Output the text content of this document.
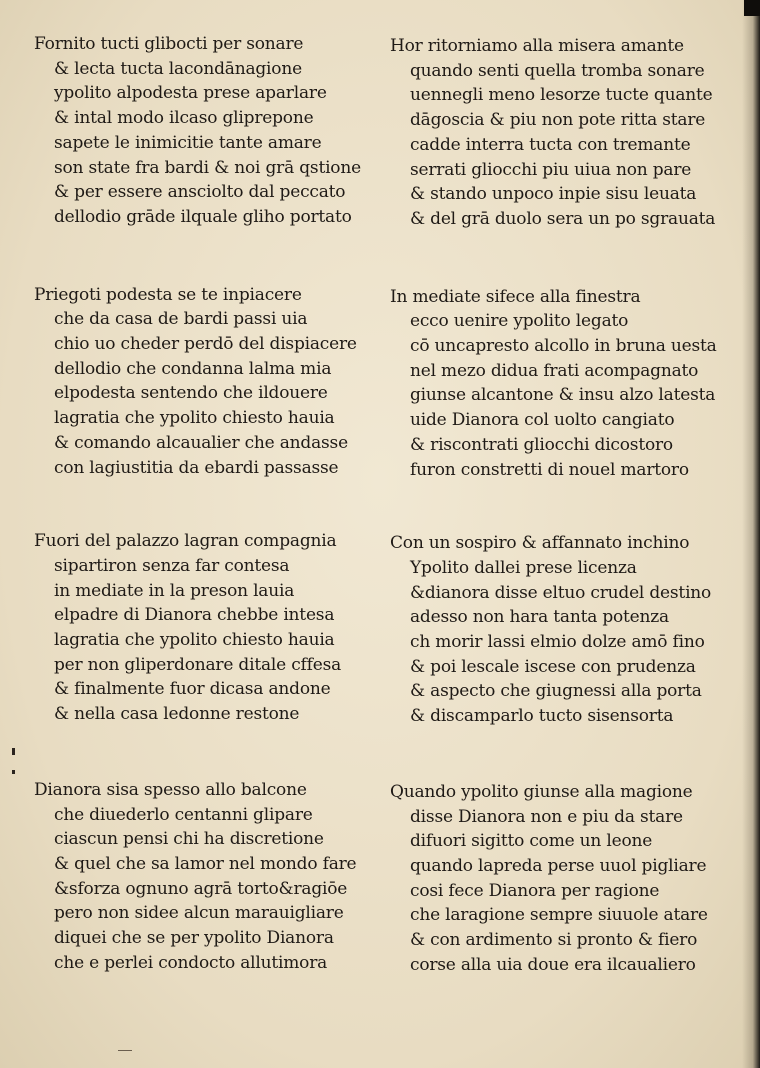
Fornito tucti glibocti per sonare
& lecta tucta lacondānagione
ypolito alpodesta prese aparlare
& intal modo ilcaso gliprepone
sapete le inimicitie tante amare
son state fra bardi & noi grā qstione
& per essere ansciolto dal peccato
dellodio grāde ilquale gliho portato
Priegoti podesta se te inpiacere
che da casa de bardi passi uia
chio uo cheder perdō del dispiacere
dellodio che condanna lalma mia
elpodesta sentendo che ildouere
lagratia che ypolito chiesto hauia
& comando alcaualier che andasse
con lagiustitia da ebardi passasse
Fuori del palazzo lagran compagnia
sipartiron senza far contesa
in mediate in la preson lauia
elpadre di Dianora chebbe intesa
lagratia che ypolito chiesto hauia
per non gliperdonare ditale cffesa
& finalmente fuor dicasa andone
& nella casa ledonne restone
Dianora sisa spesso allo balcone
che diuederlo centanni glipare
ciascun pensi chi ha discretione
& quel che sa lamor nel mondo fare
&sforza ognuno agrā torto&ragiōe
pero non sidee alcun marauigliare
diquei che se per ypolito Dianora
che e perlei condocto allutimora
Hor ritorniamo alla misera amante
quando senti quella tromba sonare
uennegli meno lesorze tucte quante
dāgoscia & piu non pote ritta stare
cadde interra tucta con tremante
serrati gliocchi piu uiua non pare
& stando unpoco inpie sisu leuata
& del grā duolo sera un po sgrauata
In mediate sifece alla finestra
ecco uenire ypolito legato
cō uncapresto alcollo in bruna uesta
nel mezo didua frati acompagnato
giunse alcantone & insu alzo latesta
uide Dianora col uolto cangiato
& riscontrati gliocchi dicostoro
furon constretti di nouel martoro
Con un sospiro & affannato inchino
Ypolito dallei prese licenza
&dianora disse eltuo crudel destino
adesso non hara tanta potenza
ch morir lassi elmio dolze amō fino
& poi lescale iscese con prudenza
& aspecto che giugnessi alla porta
& discamparlo tucto sisensorta
Quando ypolito giunse alla magione
disse Dianora non e piu da stare
difuori sigitto come un leone
quando lapreda perse uuol pigliare
cosi fece Dianora per ragione
che laragione sempre siuuole atare
& con ardimento si pronto & fiero
corse alla uia doue era ilcaualiero
